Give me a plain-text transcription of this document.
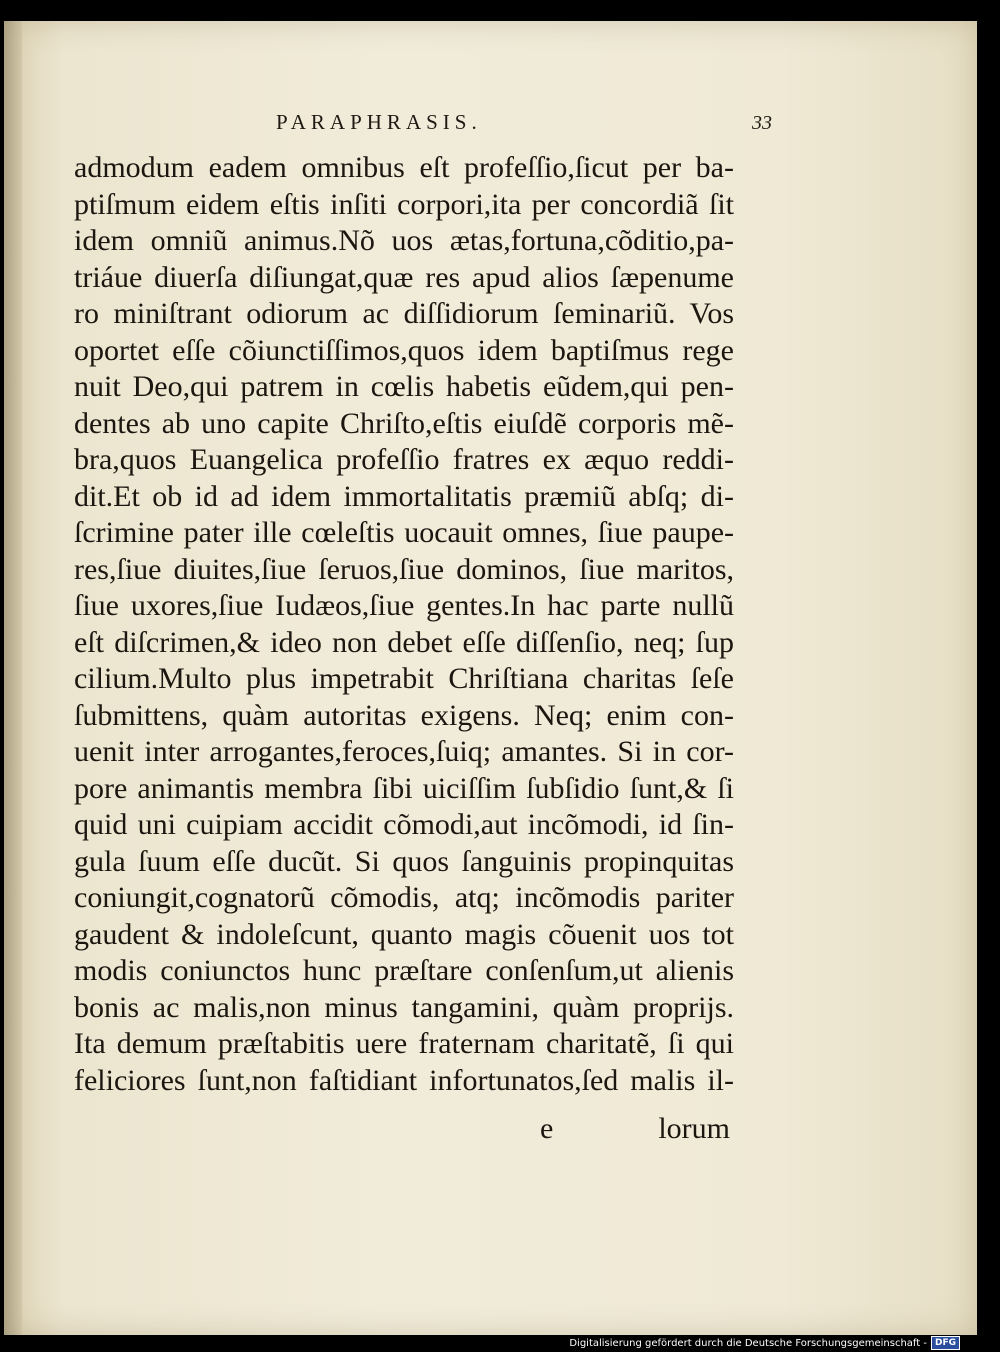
PARAPHRASIS.	33
admodum eadem omnibus eſt profeſſio,ſicut per ba-
ptiſmum eidem eſtis inſiti corpori,ita per concordiã ſit
idem omniũ animus.Nõ uos ætas,fortuna,cõditio,pa-
triáue diuerſa diſiungat,quæ res apud alios ſæpenume
ro miniſtrant odiorum ac diſſidiorum ſeminariũ. Vos
oportet eſſe cõiunctiſſimos,quos idem baptiſmus rege
nuit Deo,qui patrem in cœlis habetis eũdem,qui pen-
dentes ab uno capite Chriſto,eſtis eiuſdẽ corporis mẽ-
bra,quos Euangelica profeſſio fratres ex æquo reddi-
dit.Et ob id ad idem immortalitatis præmiũ abſq; di-
ſcrimine pater ille cœleſtis uocauit omnes, ſiue paupe-
res,ſiue diuites,ſiue ſeruos,ſiue dominos, ſiue maritos,
ſiue uxores,ſiue Iudæos,ſiue gentes.In hac parte nullũ
eſt diſcrimen,& ideo non debet eſſe diſſenſio, neq; ſup
cilium.Multo plus impetrabit Chriſtiana charitas ſeſe
ſubmittens, quàm autoritas exigens. Neq; enim con-
uenit inter arrogantes,feroces,ſuiq; amantes. Si in cor-
pore animantis membra ſibi uiciſſim ſubſidio ſunt,& ſi
quid uni cuipiam accidit cõmodi,aut incõmodi, id ſin-
gula ſuum eſſe ducũt. Si quos ſanguinis propinquitas
coniungit,cognatorũ cõmodis, atq; incõmodis pariter
gaudent & indoleſcunt, quanto magis cõuenit uos tot
modis coniunctos hunc præſtare conſenſum,ut alienis
bonis ac malis,non minus tangamini, quàm proprijs.
Ita demum præſtabitis uere fraternam charitatẽ, ſi qui
feliciores ſunt,non faſtidiant infortunatos,ſed malis il-
e	lorum
Digitalisierung gefördert durch die Deutsche Forschungsgemeinschaft - DFG
